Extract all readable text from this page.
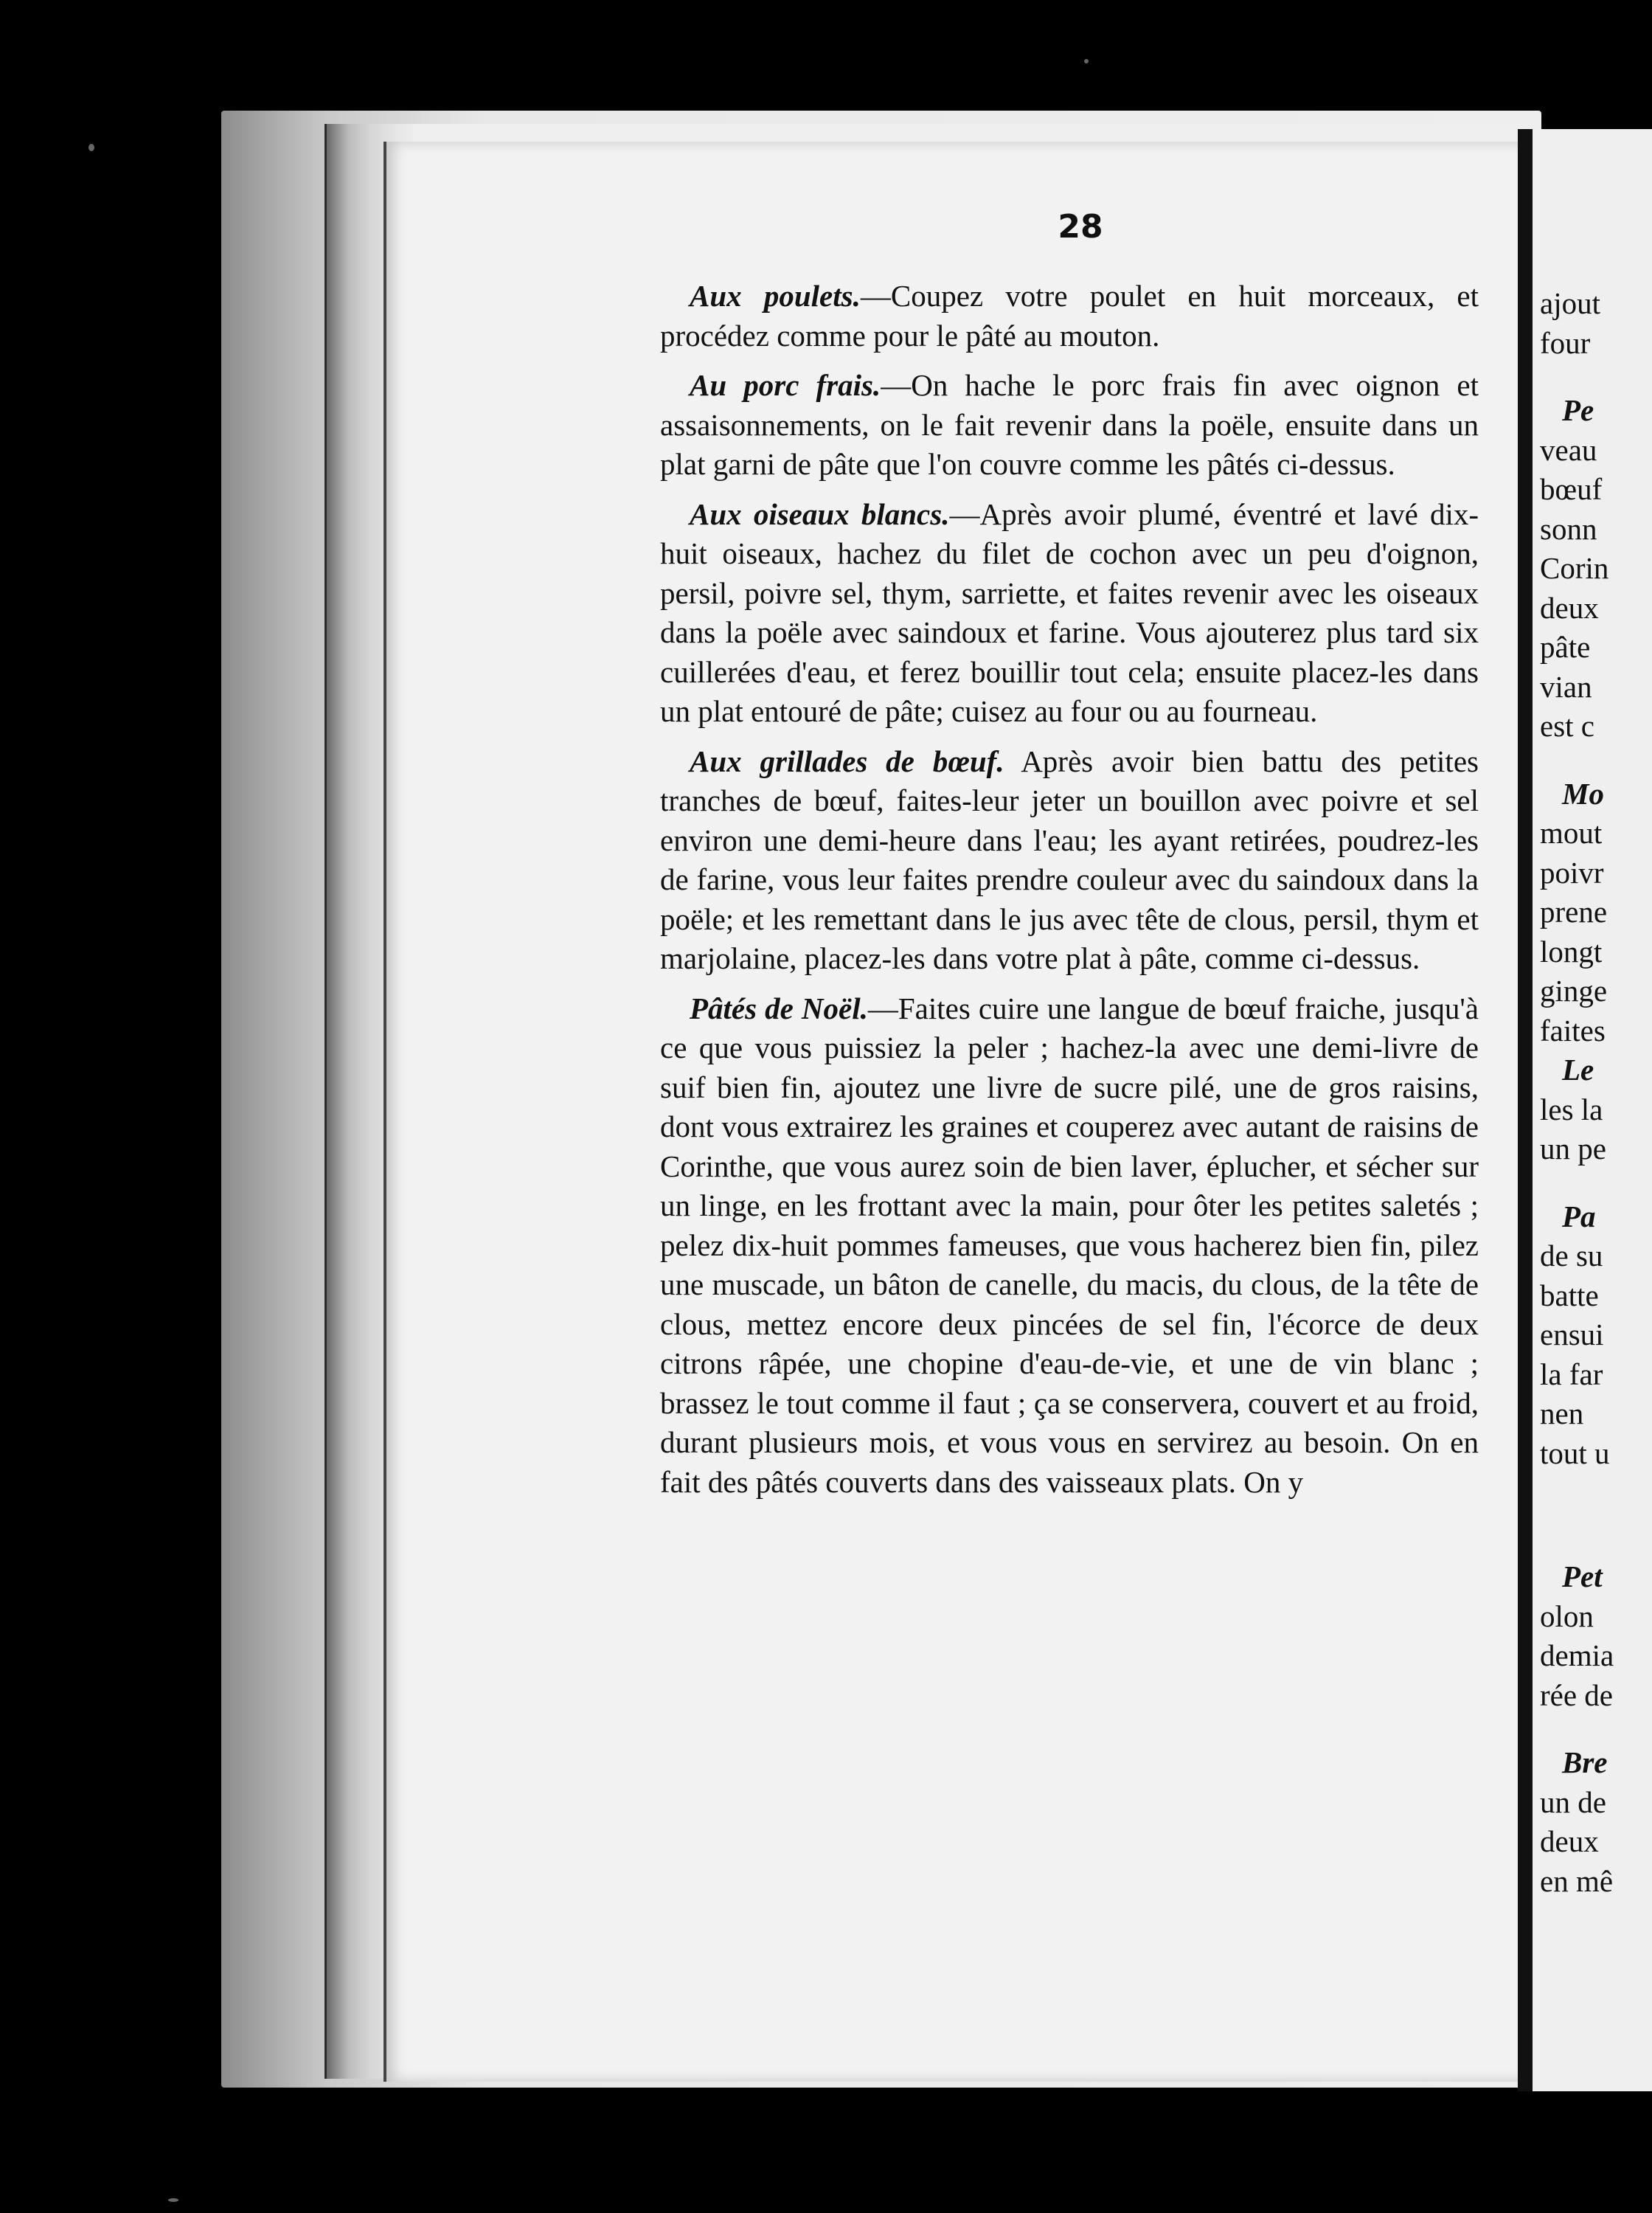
28

Aux poulets.—Coupez votre poulet en huit morceaux, et procédez comme pour le pâté au mouton.

Au porc frais.—On hache le porc frais fin avec oignon et assaisonnements, on le fait revenir dans la poële, ensuite dans un plat garni de pâte que l'on couvre comme les pâtés ci-dessus.

Aux oiseaux blancs.—Après avoir plumé, éventré et lavé dix-huit oiseaux, hachez du filet de cochon avec un peu d'oignon, persil, poivre sel, thym, sarriette, et faites revenir avec les oiseaux dans la poële avec saindoux et farine. Vous ajouterez plus tard six cuillerées d'eau, et ferez bouillir tout cela; ensuite placez-les dans un plat entouré de pâte; cuisez au four ou au fourneau.

Aux grillades de bœuf. Après avoir bien battu des petites tranches de bœuf, faites-leur jeter un bouillon avec poivre et sel environ une demi-heure dans l'eau; les ayant retirées, poudrez-les de farine, vous leur faites prendre couleur avec du saindoux dans la poële; et les remettant dans le jus avec tête de clous, persil, thym et marjolaine, placez-les dans votre plat à pâte, comme ci-dessus.

Pâtés de Noël.—Faites cuire une langue de bœuf fraiche, jusqu'à ce que vous puissiez la peler ; hachez-la avec une demi-livre de suif bien fin, ajoutez une livre de sucre pilé, une de gros raisins, dont vous extrairez les graines et couperez avec autant de raisins de Corinthe, que vous aurez soin de bien laver, éplucher, et sécher sur un linge, en les frottant avec la main, pour ôter les petites saletés ; pelez dix-huit pommes fameuses, que vous hacherez bien fin, pilez une muscade, un bâton de canelle, du macis, du clous, de la tête de clous, mettez encore deux pincées de sel fin, l'écorce de deux citrons râpée, une chopine d'eau-de-vie, et une de vin blanc ; brassez le tout comme il faut ; ça se conservera, couvert et au froid, durant plusieurs mois, et vous vous en servirez au besoin. On en fait des pâtés couverts dans des vaisseaux plats. On y

ajout
four
Pe
veau
bœuf
sonn
Corin
deux
pâte
vian
est c
Mo
mout
poivr
prene
longt
ginge
faites
Le
les la
un pe
Pa
de su
batte
ensui
la far
nen
tout u
Pet
olon
demia
rée de
Bre
un de
deux
en mê
